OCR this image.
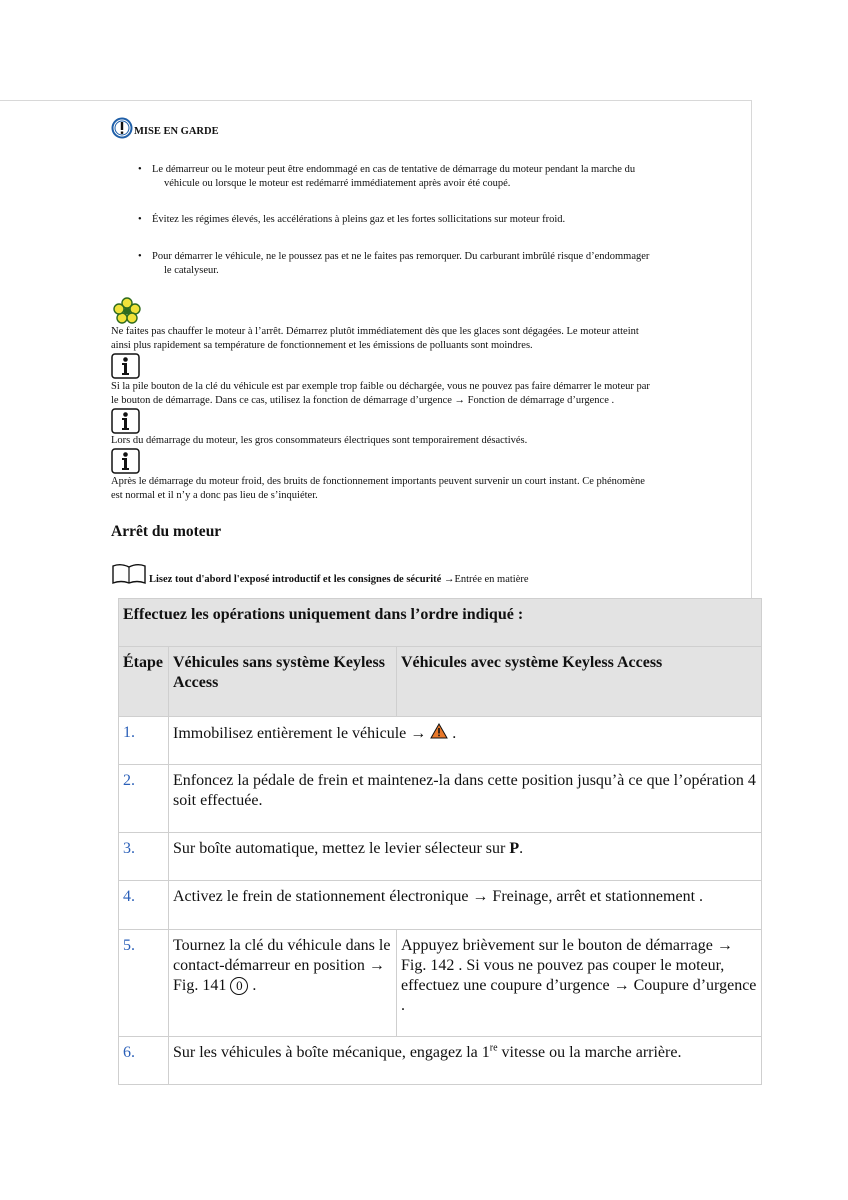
MISE EN GARDE
• Le démarreur ou le moteur peut être endommagé en cas de tentative de démarrage du moteur pendant la marche du
véhicule ou lorsque le moteur est redémarré immédiatement après avoir été coupé.
• Évitez les régimes élevés, les accélérations à pleins gaz et les fortes sollicitations sur moteur froid.
• Pour démarrer le véhicule, ne le poussez pas et ne le faites pas remorquer. Du carburant imbrûlé risque d’endommager
le catalyseur.
Ne faites pas chauffer le moteur à l’arrêt. Démarrez plutôt immédiatement dès que les glaces sont dégagées. Le moteur atteint
ainsi plus rapidement sa température de fonctionnement et les émissions de polluants sont moindres.
Si la pile bouton de la clé du véhicule est par exemple trop faible ou déchargée, vous ne pouvez pas faire démarrer le moteur par
le bouton de démarrage. Dans ce cas, utilisez la fonction de démarrage d’urgence → Fonction de démarrage d’urgence .
Lors du démarrage du moteur, les gros consommateurs électriques sont temporairement désactivés.
Après le démarrage du moteur froid, des bruits de fonctionnement importants peuvent survenir un court instant. Ce phénomène
est normal et il n’y a donc pas lieu de s’inquiéter.
Arrêt du moteur
Lisez tout d'abord l'exposé introductif et les consignes de sécurité
→Entrée en matière
Effectuez les opérations uniquement dans l’ordre indiqué :		
Étape	Véhicules sans système Keyless Access	Véhicules avec système Keyless Access
1.	Immobilisez entièrement le véhicule →  .	
2.	Enfoncez la pédale de frein et maintenez-la dans cette position jusqu’à ce que l’opération 4 soit effectuée.	
3.	Sur boîte automatique, mettez le levier sélecteur sur P.	
4.	Activez le frein de stationnement électronique → Freinage, arrêt et stationnement .	
5.	Tournez la clé du véhicule dans le contact-démarreur en position → Fig. 141 0 .	Appuyez brièvement sur le bouton de démarrage → Fig. 142 . Si vous ne pouvez pas couper le moteur, effectuez une coupure d’urgence → Coupure d’urgence .
6.	Sur les véhicules à boîte mécanique, engagez la 1re vitesse ou la marche arrière.	
